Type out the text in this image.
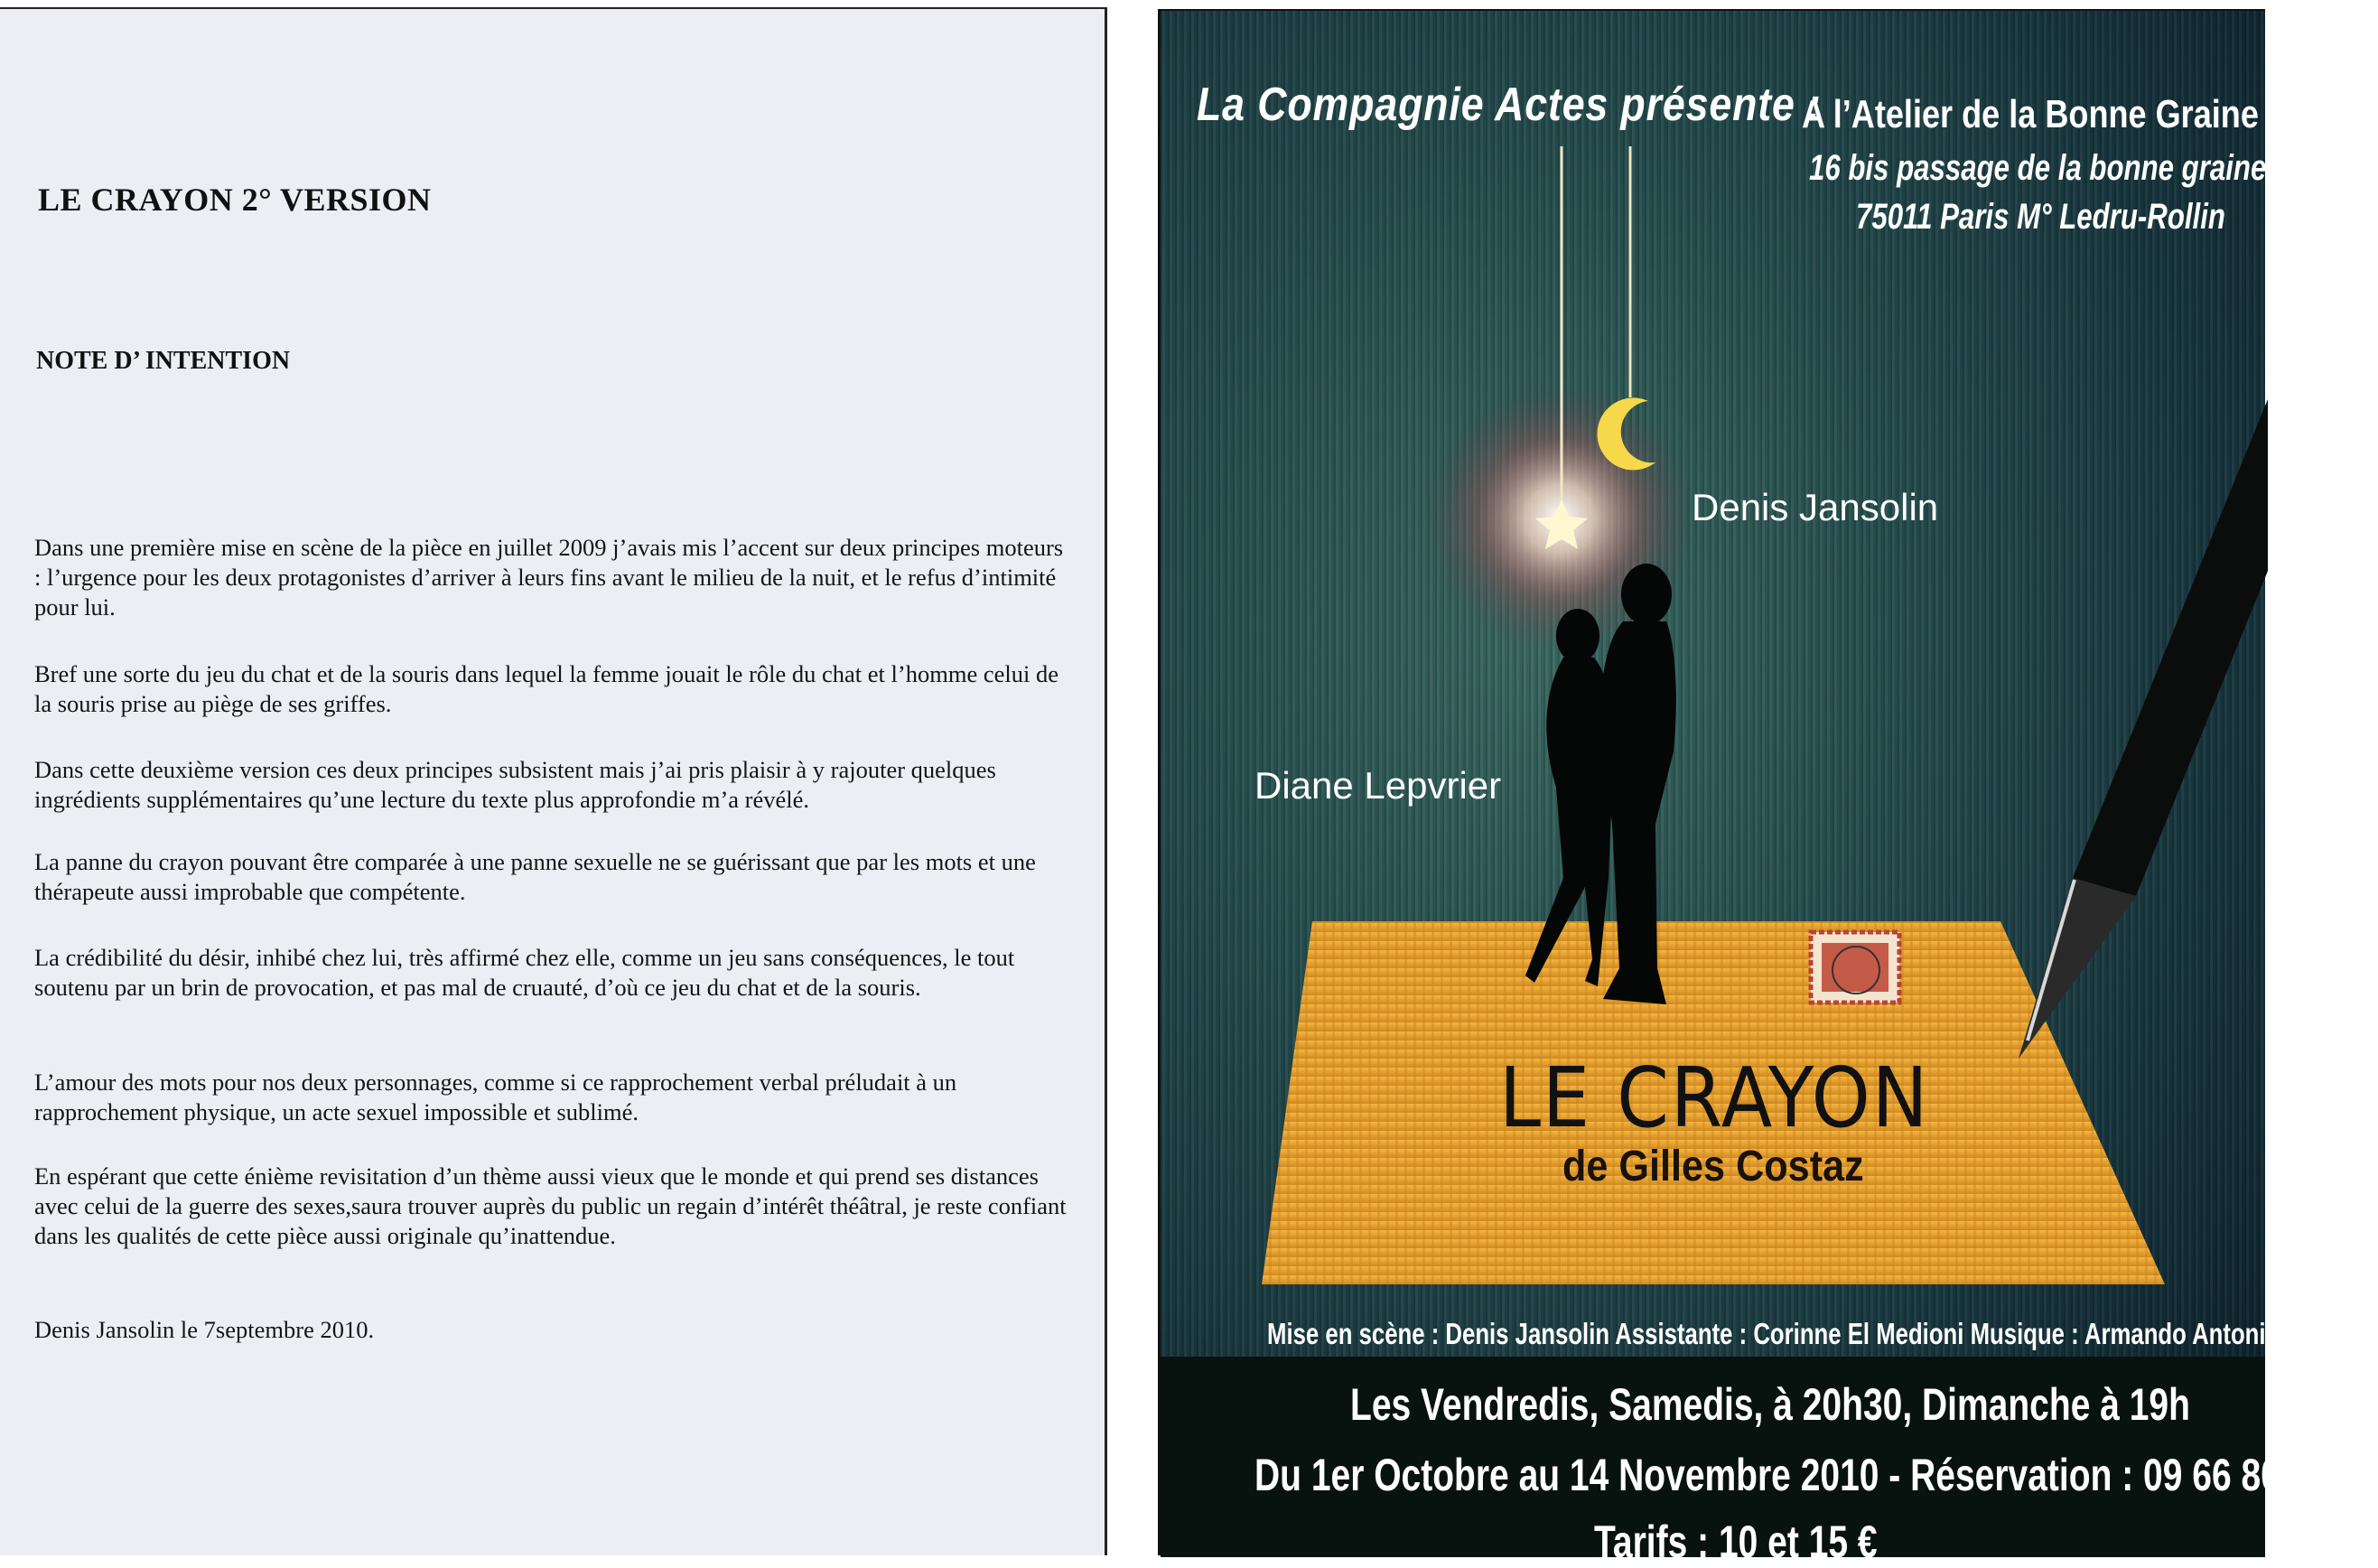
LE CRAYON 2° VERSION
NOTE D’ INTENTION

Dans une première mise en scène de la pièce en juillet 2009 j’avais mis l’accent sur deux principes moteurs : l’urgence pour les deux protagonistes d’arriver à leurs fins avant le milieu de la nuit, et le refus d’intimité pour lui.

Bref une sorte du jeu du chat et de la souris dans lequel la femme jouait le rôle du chat et l’homme celui de la souris prise au piège de ses griffes.

Dans cette deuxième version ces deux principes subsistent mais j’ai pris plaisir à y rajouter quelques ingrédients supplémentaires qu’une lecture du texte plus approfondie m’a révélé.

La panne du crayon pouvant être comparée à une panne sexuelle ne se guérissant que par les mots et une thérapeute aussi improbable que compétente.

La crédibilité du désir, inhibé chez lui, très affirmé chez elle, comme un jeu sans conséquences, le tout soutenu par un brin de provocation, et pas mal de cruauté, d’où ce jeu du chat et de la souris.

L’amour des mots pour nos deux personnages, comme si ce rapprochement verbal préludait à un rapprochement physique, un acte sexuel impossible et sublimé.

En espérant que cette énième revisitation d’un thème aussi vieux que le monde et qui prend ses distances avec celui de la guerre des sexes,saura trouver auprès du public un regain d’intérêt théâtral, je reste confiant dans les qualités de cette pièce aussi originale qu’inattendue.

Denis Jansolin le 7septembre 2010.

La Compagnie Actes présente :
A l’Atelier de la Bonne Graine
16 bis passage de la bonne graine
75011 Paris M° Ledru-Rollin
Denis Jansolin
Diane Lepvrier
LE CRAYON
de Gilles Costaz
Mise en scène : Denis Jansolin Assistante : Corinne El Medioni Musique : Armando Antonioli
Les Vendredis, Samedis, à 20h30, Dimanche à 19h
Du 1er Octobre au 14 Novembre 2010 - Réservation : 09 66 80 79 42
Tarifs : 10 et 15 €
